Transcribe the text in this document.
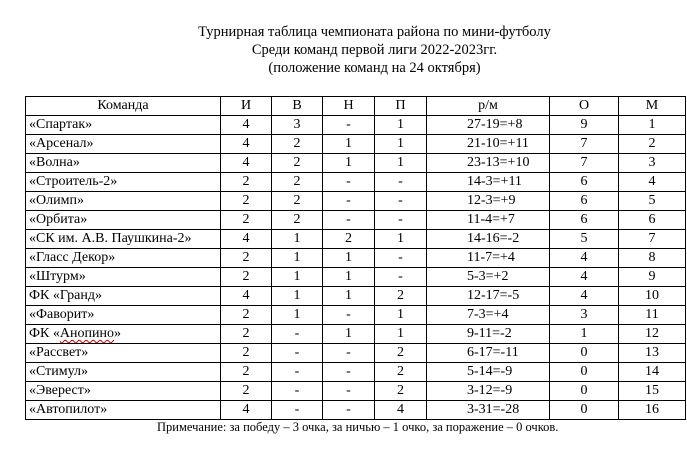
Турнирная таблица чемпионата района по мини-футболу
Среди команд первой лиги 2022-2023гг.
(положение команд на 24 октября)
Команда	И	В	Н	П	р/м	О	М
«Спартак»	4	3	-	1	27-19=+8	9	1
«Арсенал»	4	2	1	1	21-10=+11	7	2
«Волна»	4	2	1	1	23-13=+10	7	3
«Строитель-2»	2	2	-	-	14-3=+11	6	4
«Олимп»	2	2	-	-	12-3=+9	6	5
«Орбита»	2	2	-	-	11-4=+7	6	6
«СК им. А.В. Паушкина-2»	4	1	2	1	14-16=-2	5	7
«Гласс Декор»	2	1	1	-	11-7=+4	4	8
«Штурм»	2	1	1	-	5-3=+2	4	9
ФК «Гранд»	4	1	1	2	12-17=-5	4	10
«Фаворит»	2	1	-	1	7-3=+4	3	11
ФК «Анопино»	2	-	1	1	9-11=-2	1	12
«Рассвет»	2	-	-	2	6-17=-11	0	13
«Стимул»	2	-	-	2	5-14=-9	0	14
«Эверест»	2	-	-	2	3-12=-9	0	15
«Автопилот»	4	-	-	4	3-31=-28	0	16
Примечание: за победу – 3 очка, за ничью – 1 очко, за поражение – 0 очков.
